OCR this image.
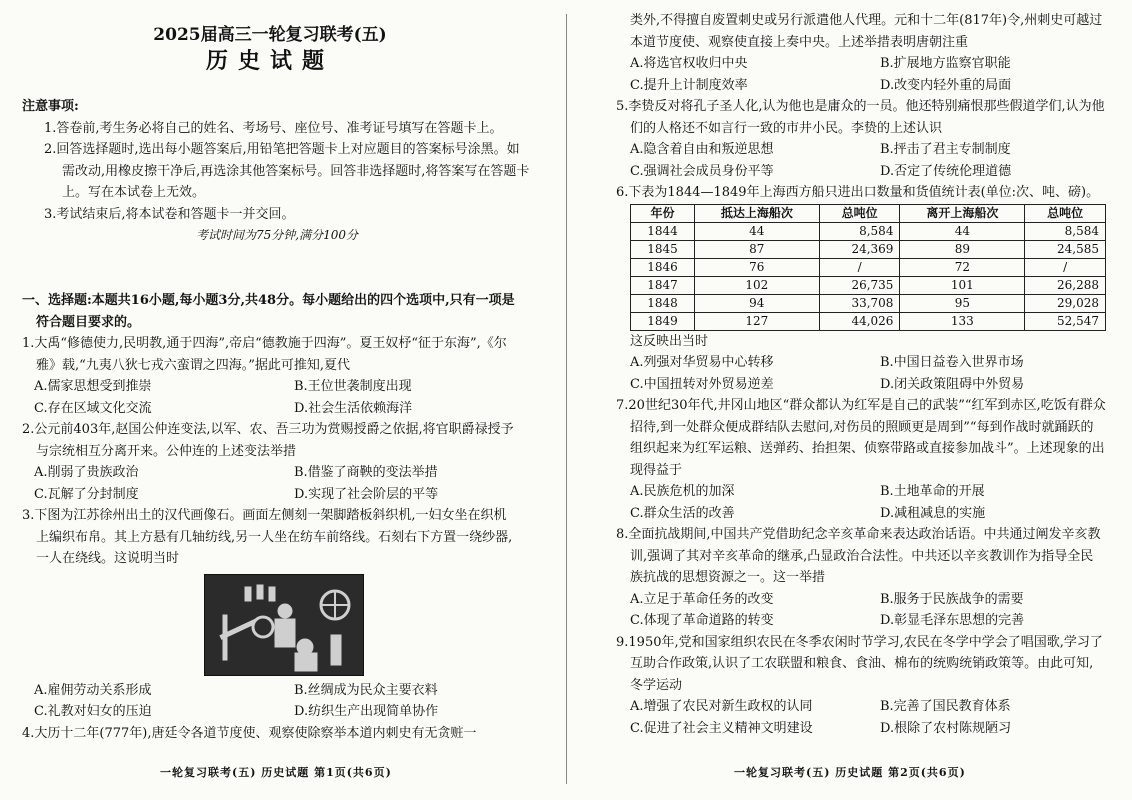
2025届高三一轮复习联考(五)
历史试题
注意事项:

1.答卷前,考生务必将自己的姓名、考场号、座位号、准考证号填写在答题卡上。

2.回答选择题时,选出每小题答案后,用铅笔把答题卡上对应题目的答案标号涂黑。如需改动,用橡皮擦干净后,再选涂其他答案标号。回答非选择题时,将答案写在答题卡上。写在本试卷上无效。

3.考试结束后,将本试卷和答题卡一并交回。

考试时间为75分钟,满分100分

一、选择题:本题共16小题,每小题3分,共48分。每小题给出的四个选项中,只有一项是符合题目要求的。

1.大禹“修德使力,民明教,通于四海”,帝启“德教施于四海”。夏王奴杼“征于东海”,《尔雅》载,“九夷八狄七戎六蛮谓之四海。”据此可推知,夏代

A.儒家思想受到推崇	B.王位世袭制度出现
C.存在区域文化交流	D.社会生活依赖海洋

2.公元前403年,赵国公仲连变法,以军、农、吾三功为赏赐授爵之依据,将官职爵禄授予与宗统相互分离开来。公仲连的上述变法举措

A.削弱了贵族政治	B.借鉴了商鞅的变法举措
C.瓦解了分封制度	D.实现了社会阶层的平等

3.下图为江苏徐州出土的汉代画像石。画面左侧刻一架脚踏板斜织机,一妇女坐在织机上编织布帛。其上方悬有几轴纺线,另一人坐在纺车前络线。石刻右下方置一绕纱器,一人在绕线。这说明当时

A.雇佣劳动关系形成	B.丝绸成为民众主要衣料
C.礼教对妇女的压迫	D.纺织生产出现简单协作

4.大历十二年(777年),唐廷令各道节度使、观察使除察举本道内刺史有无贪赃一

一轮复习联考(五) 历史试题 第1页(共6页)

类外,不得擅自废置刺史或另行派遣他人代理。元和十二年(817年)令,州刺史可越过本道节度使、观察使直接上奏中央。上述举措表明唐朝注重

A.将选官权收归中央	B.扩展地方监察官职能
C.提升上计制度效率	D.改变内轻外重的局面

5.李贽反对将孔子圣人化,认为他也是庸众的一员。他还特别痛恨那些假道学们,认为他们的人格还不如言行一致的市井小民。李贽的上述认识

A.隐含着自由和叛逆思想	B.抨击了君主专制制度
C.强调社会成员身份平等	D.否定了传统伦理道德

6.下表为1844—1849年上海西方船只进出口数量和货值统计表(单位:次、吨、磅)。

年份	抵达上海船次	总吨位	离开上海船次	总吨位
1844	44	8,584	44	8,584
1845	87	24,369	89	24,585
1846	76	/	72	/
1847	102	26,735	101	26,288
1848	94	33,708	95	29,028
1849	127	44,026	133	52,547

这反映出当时

A.列强对华贸易中心转移	B.中国日益卷入世界市场
C.中国扭转对外贸易逆差	D.闭关政策阻碍中外贸易

7.20世纪30年代,井冈山地区“群众都认为红军是自己的武装”“红军到赤区,吃饭有群众招待,到一处群众便成群结队去慰问,对伤员的照顾更是周到”“每到作战时就踊跃的组织起来为红军运粮、送弹药、抬担架、侦察带路或直接参加战斗”。上述现象的出现得益于

A.民族危机的加深	B.土地革命的开展
C.群众生活的改善	D.减租减息的实施

8.全面抗战期间,中国共产党借助纪念辛亥革命来表达政治话语。中共通过阐发辛亥教训,强调了其对辛亥革命的继承,凸显政治合法性。中共还以辛亥教训作为指导全民族抗战的思想资源之一。这一举措

A.立足于革命任务的改变	B.服务于民族战争的需要
C.体现了革命道路的转变	D.彰显毛泽东思想的完善

9.1950年,党和国家组织农民在冬季农闲时节学习,农民在冬学中学会了唱国歌,学习了互助合作政策,认识了工农联盟和粮食、食油、棉布的统购统销政策等。由此可知,冬学运动

A.增强了农民对新生政权的认同	B.完善了国民教育体系
C.促进了社会主义精神文明建设	D.根除了农村陈规陋习
一轮复习联考(五) 历史试题 第2页(共6页)
